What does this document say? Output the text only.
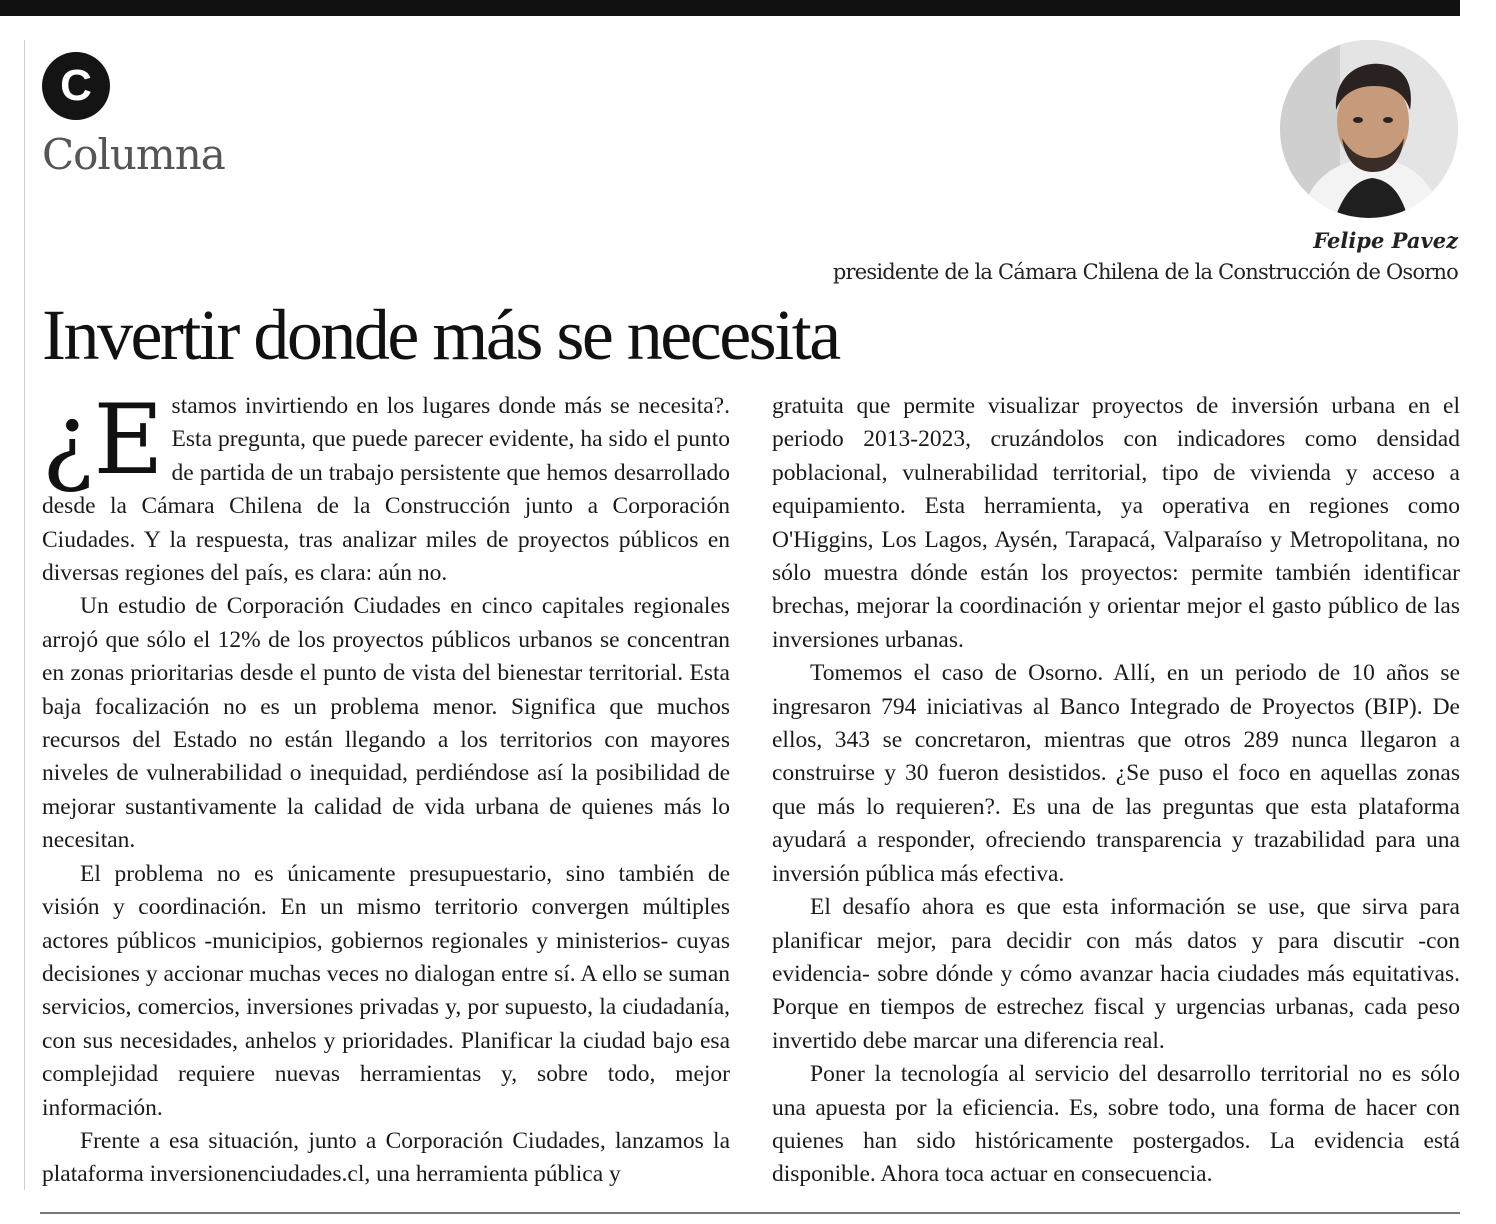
C
Columna
Felipe Pavez
presidente de la Cámara Chilena de la Construcción de Osorno
Invertir donde más se necesita

¿E stamos invirtiendo en los lugares donde más se necesita?. Esta pregunta, que puede parecer evidente, ha sido el punto de partida de un trabajo persistente que hemos desarrollado desde la Cámara Chilena de la Construcción junto a Corporación Ciudades. Y la respuesta, tras analizar miles de proyectos públicos en diversas regiones del país, es clara: aún no.

Un estudio de Corporación Ciudades en cinco capitales regionales arrojó que sólo el 12% de los proyectos públicos urbanos se concentran en zonas prioritarias desde el punto de vista del bienestar territorial. Esta baja focalización no es un problema menor. Significa que muchos recursos del Estado no están llegando a los territorios con mayores niveles de vulnerabilidad o inequidad, perdiéndose así la posibilidad de mejorar sustantivamente la calidad de vida urbana de quienes más lo necesitan.

El problema no es únicamente presupuestario, sino también de visión y coordinación. En un mismo territorio convergen múltiples actores públicos -municipios, gobiernos regionales y ministerios- cuyas decisiones y accionar muchas veces no dialogan entre sí. A ello se suman servicios, comercios, inversiones privadas y, por supuesto, la ciudadanía, con sus necesidades, anhelos y prioridades. Planificar la ciudad bajo esa complejidad requiere nuevas herramientas y, sobre todo, mejor información.

Frente a esa situación, junto a Corporación Ciudades, lanzamos la plataforma inversionenciudades.cl, una herramienta pública y

gratuita que permite visualizar proyectos de inversión urbana en el periodo 2013-2023, cruzándolos con indicadores como densidad poblacional, vulnerabilidad territorial, tipo de vivienda y acceso a equipamiento. Esta herramienta, ya operativa en regiones como O'Higgins, Los Lagos, Aysén, Tarapacá, Valparaíso y Metropolitana, no sólo muestra dónde están los proyectos: permite también identificar brechas, mejorar la coordinación y orientar mejor el gasto público de las inversiones urbanas.

Tomemos el caso de Osorno. Allí, en un periodo de 10 años se ingresaron 794 iniciativas al Banco Integrado de Proyectos (BIP). De ellos, 343 se concretaron, mientras que otros 289 nunca llegaron a construirse y 30 fueron desistidos. ¿Se puso el foco en aquellas zonas que más lo requieren?. Es una de las preguntas que esta plataforma ayudará a responder, ofreciendo transparencia y trazabilidad para una inversión pública más efectiva.

El desafío ahora es que esta información se use, que sirva para planificar mejor, para decidir con más datos y para discutir -con evidencia- sobre dónde y cómo avanzar hacia ciudades más equitativas. Porque en tiempos de estrechez fiscal y urgencias urbanas, cada peso invertido debe marcar una diferencia real.

Poner la tecnología al servicio del desarrollo territorial no es sólo una apuesta por la eficiencia. Es, sobre todo, una forma de hacer con quienes han sido históricamente postergados. La evidencia está disponible. Ahora toca actuar en consecuencia.
